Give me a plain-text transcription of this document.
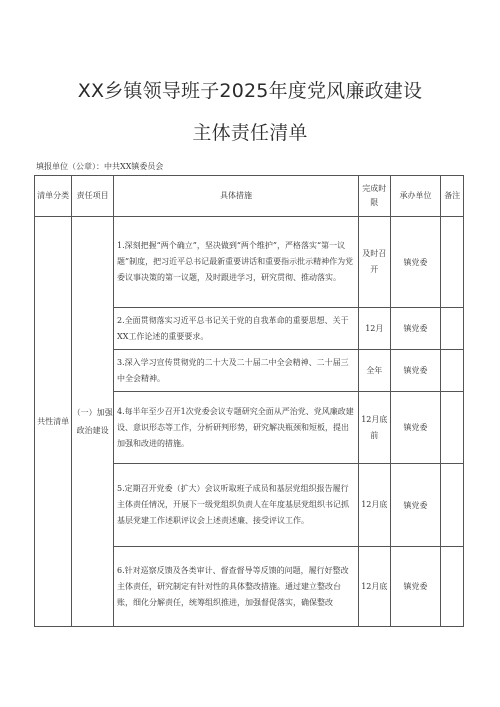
XX乡镇领导班子2025年度党风廉政建设
主体责任清单
填报单位（公章）：中共XX镇委员会
清单分类	责任项目	具体措施	完成时限	承办单位	备注

共性清单	（一）加强政治建设	1.深刻把握“两个确立”，坚决做到“两个维护”，严格落实“第一议题”制度，把习近平总书记最新重要讲话和重要指示批示精神作为党委议事决策的第一议题，及时跟进学习，研究贯彻、推动落实。	及时召开	镇党委	
		2.全面贯彻落实习近平总书记关于党的自我革命的重要思想、关于XX工作论述的重要要求。	12月	镇党委	
		3.深入学习宣传贯彻党的二十大及二十届二中全会精神、二十届三中全会精神。	全年	镇党委	
		4.每半年至少召开1次党委会议专题研究全面从严治党、党风廉政建设、意识形态等工作，分析研判形势，研究解决瓶颈和短板，提出加强和改进的措施。	12月底前	镇党委	
		5.定期召开党委（扩大）会议听取班子成员和基层党组织报告履行主体责任情况，开展下一级党组织负责人在年度基层党组织书记抓基层党建工作述职评议会上述责述廉、接受评议工作。	12月底	镇党委	
		6.针对巡察反馈及各类审计、督查督导等反馈的问题，履行好整改主体责任，研究制定有针对性的具体整改措施。通过建立整改台账，细化分解责任，统筹组织推进，加强督促落实，确保整改	12月底	镇党委	
